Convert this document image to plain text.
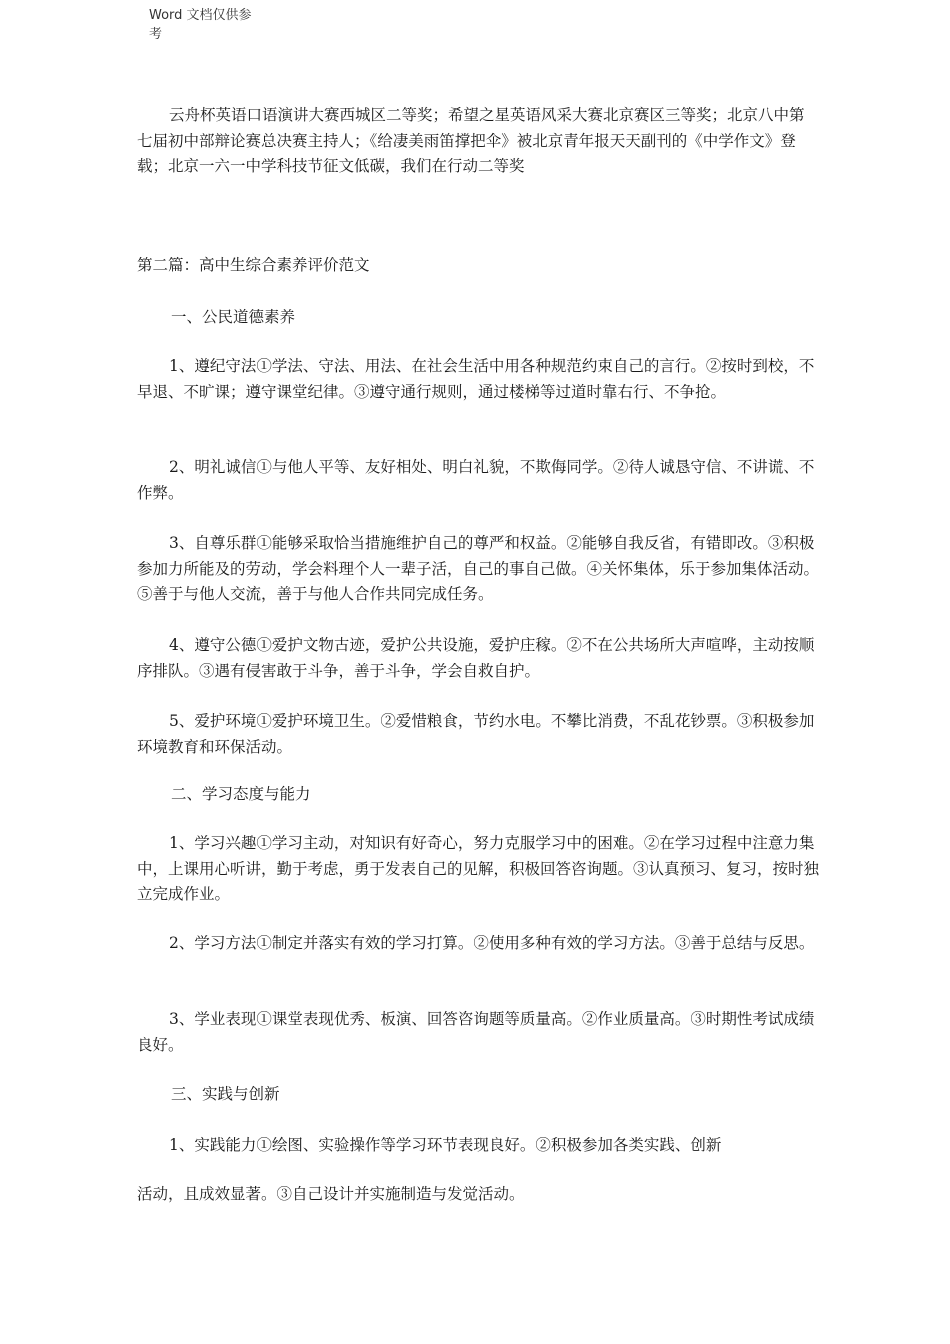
Word 文档仅供参
考

云舟杯英语口语演讲大赛西城区二等奖；希望之星英语风采大赛北京赛区三等奖；北京八中第七届初中部辩论赛总决赛主持人；《给凄美雨笛撑把伞》被北京青年报天天副刊的《中学作文》登载；北京一六一中学科技节征文低碳，我们在行动二等奖

第二篇：高中生综合素养评价范文
一、公民道德素养

1、遵纪守法①学法、守法、用法、在社会生活中用各种规范约束自己的言行。②按时到校，不早退、不旷课；遵守课堂纪律。③遵守通行规则，通过楼梯等过道时靠右行、不争抢。

2、明礼诚信①与他人平等、友好相处、明白礼貌，不欺侮同学。②待人诚恳守信、不讲谎、不作弊。

3、自尊乐群①能够采取恰当措施维护自己的尊严和权益。②能够自我反省，有错即改。③积极参加力所能及的劳动，学会料理个人一辈子活，自己的事自己做。④关怀集体，乐于参加集体活动。⑤善于与他人交流，善于与他人合作共同完成任务。

4、遵守公德①爱护文物古迹，爱护公共设施，爱护庄稼。②不在公共场所大声喧哗，主动按顺序排队。③遇有侵害敢于斗争，善于斗争，学会自救自护。

5、爱护环境①爱护环境卫生。②爱惜粮食，节约水电。不攀比消费，不乱花钞票。③积极参加环境教育和环保活动。

二、学习态度与能力

1、学习兴趣①学习主动，对知识有好奇心，努力克服学习中的困难。②在学习过程中注意力集中，上课用心听讲，勤于考虑，勇于发表自己的见解，积极回答咨询题。③认真预习、复习，按时独立完成作业。

2、学习方法①制定并落实有效的学习打算。②使用多种有效的学习方法。③善于总结与反思。

3、学业表现①课堂表现优秀、板演、回答咨询题等质量高。②作业质量高。③时期性考试成绩良好。

三、实践与创新

1、实践能力①绘图、实验操作等学习环节表现良好。②积极参加各类实践、创新

活动，且成效显著。③自己设计并实施制造与发觉活动。
